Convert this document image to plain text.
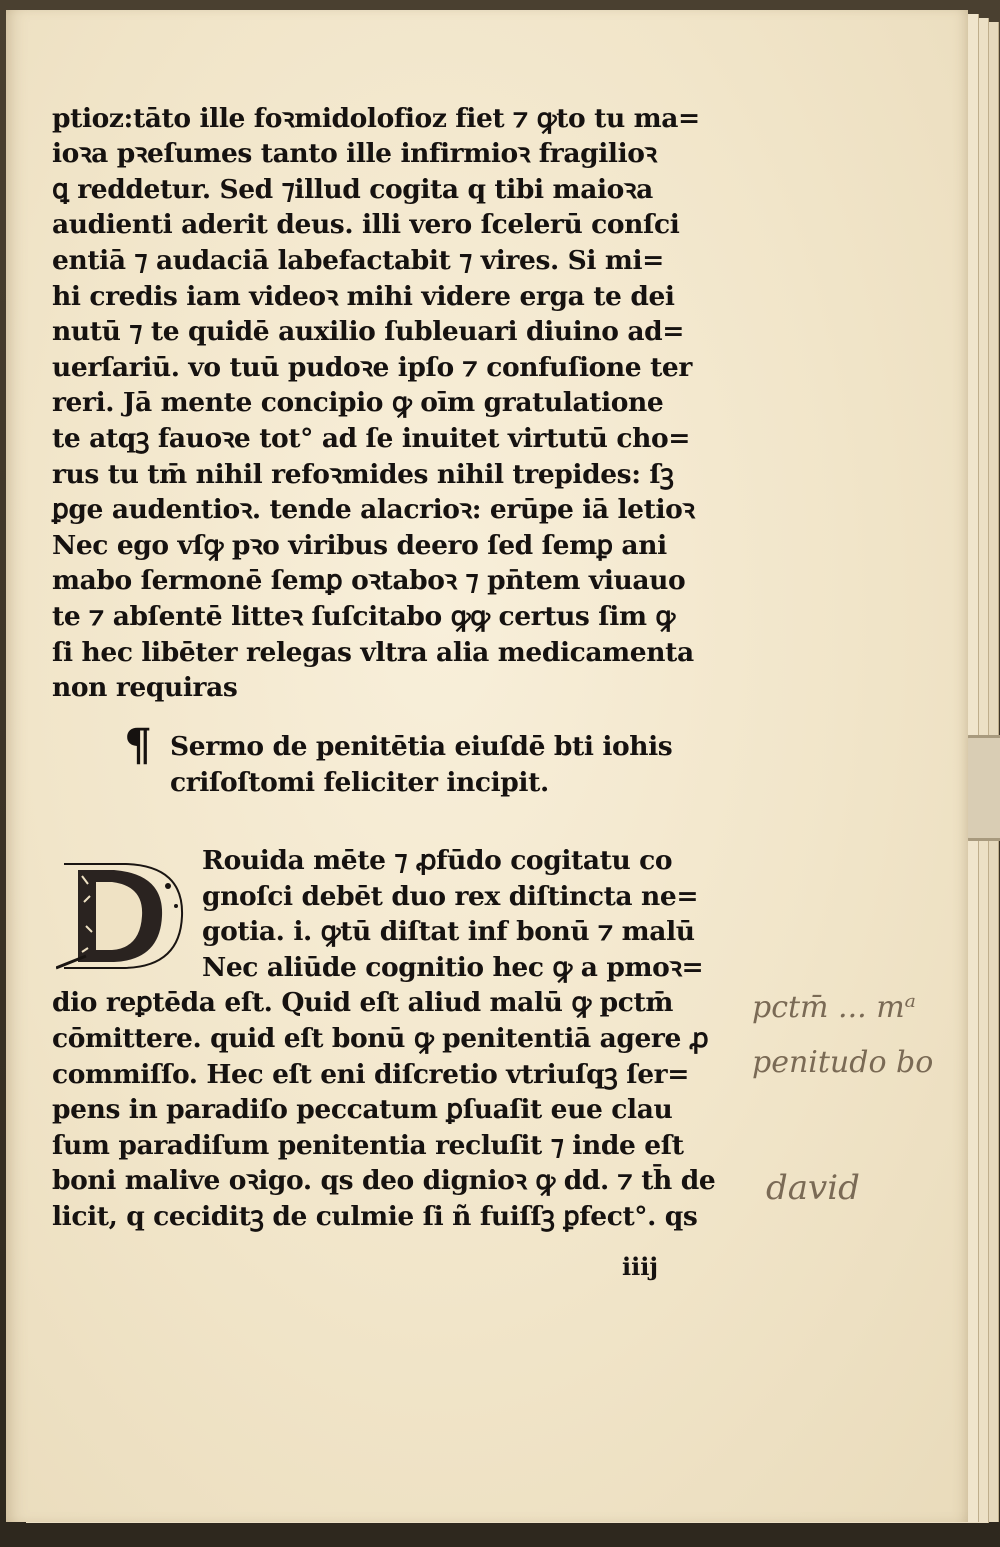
ptioz:tāto ille foꝛmidolofioz fiet ⁊ ꝙto tu ma=
ioꝛa pꝛeſumes tanto ille infirmioꝛ fragilioꝛ
ꝗ reddetur. Sed ⁊illud cogita q tibi maioꝛa
audienti aderit deus. illi vero ſcelerū conſci
entiā ⁊ audaciā labefactabit ⁊ vires. Si mi=
hi credis iam videoꝛ mihi videre erga te dei
nutū ⁊ te quidē auxilio ſubleuari diuino ad=
uerſariū. vo tuū pudoꝛe ipſo ⁊ confuſione ter
reri. Jā mente concipio ꝙ oīm gratulatione
te atqꝫ fauoꝛe tot° ad ſe inuitet virtutū cho=
rus tu tm̄ nihil refoꝛmides nihil trepides: ſꝫ
ꝑge audentioꝛ. tende alacrioꝛ: erūpe iā letioꝛ
Nec ego vſꝙ pꝛo viribus deero ſed ſemꝑ ani
mabo ſermonē ſemꝑ oꝛtaboꝛ ⁊ pn̄tem viuauo
te ⁊ abſentē litteꝛ ſuſcitabo ꝙꝙ certus ſim ꝙ
ſi hec libēter relegas vltra alia medicamenta
non requiras
¶ Sermo de penitētia eiuſdē bti iohis
criſoſtomi feliciter incipit.
Rouida mēte ⁊ ꝓfūdo cogitatu co
gnoſci debēt duo rex diſtincta ne=
gotia. i. ꝙtū diſtat inf bonū ⁊ malū
Nec aliūde cognitio hec ꝙ a pmoꝛ=
dio reꝑtēda eſt. Quid eſt aliud malū ꝙ pctm̄
cōmittere. quid eſt bonū ꝙ penitentiā agere ꝓ
commiſſo. Hec eſt eni diſcretio vtriuſqꝫ ſer=
pens in paradiſo peccatum ꝑſuaſit eue clau
ſum paradiſum penitentia recluſit ⁊ inde eſt
boni malive oꝛigo. qs deo dignioꝛ ꝙ dd. ⁊ th̄ de
licit, q ceciditꝫ de culmie ſi ñ fuiſſꝫ ꝑfect°. qs
iiij
pctm̄ ... mᵃ
penitudo bo
david
